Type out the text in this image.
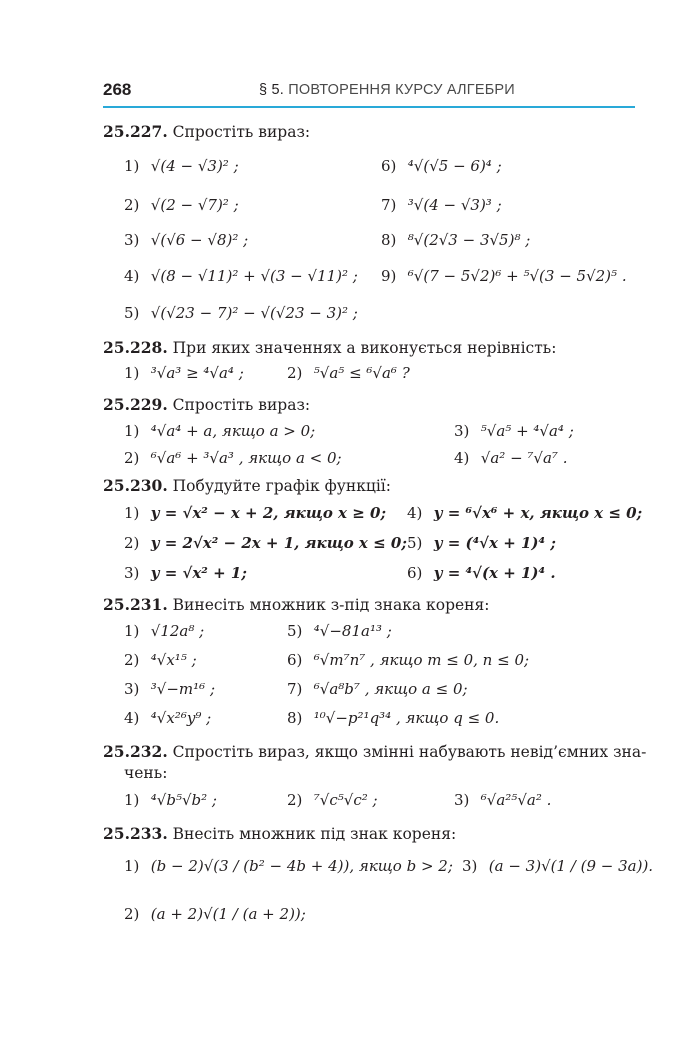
268	§ 5. ПОВТОРЕННЯ КУРСУ АЛГЕБРИ
25.227. Спростіть вираз:
1) √(4 − √3)² ;
2) √(2 − √7)² ;
3) √(√6 − √8)² ;
4) √(8 − √11)² + √(3 − √11)² ;
5) √(√23 − 7)² − √(√23 − 3)² ;
6) ⁴√(√5 − 6)⁴ ;
7) ³√(4 − √3)³ ;
8) ⁸√(2√3 − 3√5)⁸ ;
9) ⁶√(7 − 5√2)⁶ + ⁵√(3 − 5√2)⁵ .
25.228. При яких значеннях a виконується нерівність:
1) ³√a³ ≥ ⁴√a⁴ ;	2) ⁵√a⁵ ≤ ⁶√a⁶ ?
25.229. Спростіть вираз:
1) ⁴√a⁴ + a, якщо a > 0;
2) ⁶√a⁶ + ³√a³ , якщо a < 0;
3) ⁵√a⁵ + ⁴√a⁴ ;
4) √a² − ⁷√a⁷ .
25.230. Побудуйте графік функції:
1) y = √x² − x + 2, якщо x ≥ 0;
2) y = 2√x² − 2x + 1, якщо x ≤ 0;
3) y = √x² + 1;
4) y = ⁶√x⁶ + x, якщо x ≤ 0;
5) y = (⁴√x + 1)⁴ ;
6) y = ⁴√(x + 1)⁴ .
25.231. Винесіть множник з-під знака кореня:
1) √12a⁸ ;
2) ⁴√x¹⁵ ;
3) ³√−m¹⁶ ;
4) ⁴√x²⁶y⁹ ;
5) ⁴√−81a¹³ ;
6) ⁶√m⁷n⁷ , якщо m ≤ 0, n ≤ 0;
7) ⁶√a⁸b⁷ , якщо a ≤ 0;
8) ¹⁰√−p²¹q³⁴ , якщо q ≤ 0.
25.232. Спростіть вираз, якщо змінні набувають невід’ємних зна-
чень:
1) ⁴√b⁵√b² ;	2) ⁷√c⁵√c² ;	3) ⁶√a²⁵√a² .
25.233. Внесіть множник під знак кореня:
1) (b − 2)√(3 / (b² − 4b + 4)), якщо b > 2;
2) (a + 2)√(1 / (a + 2));
3) (a − 3)√(1 / (9 − 3a)).
